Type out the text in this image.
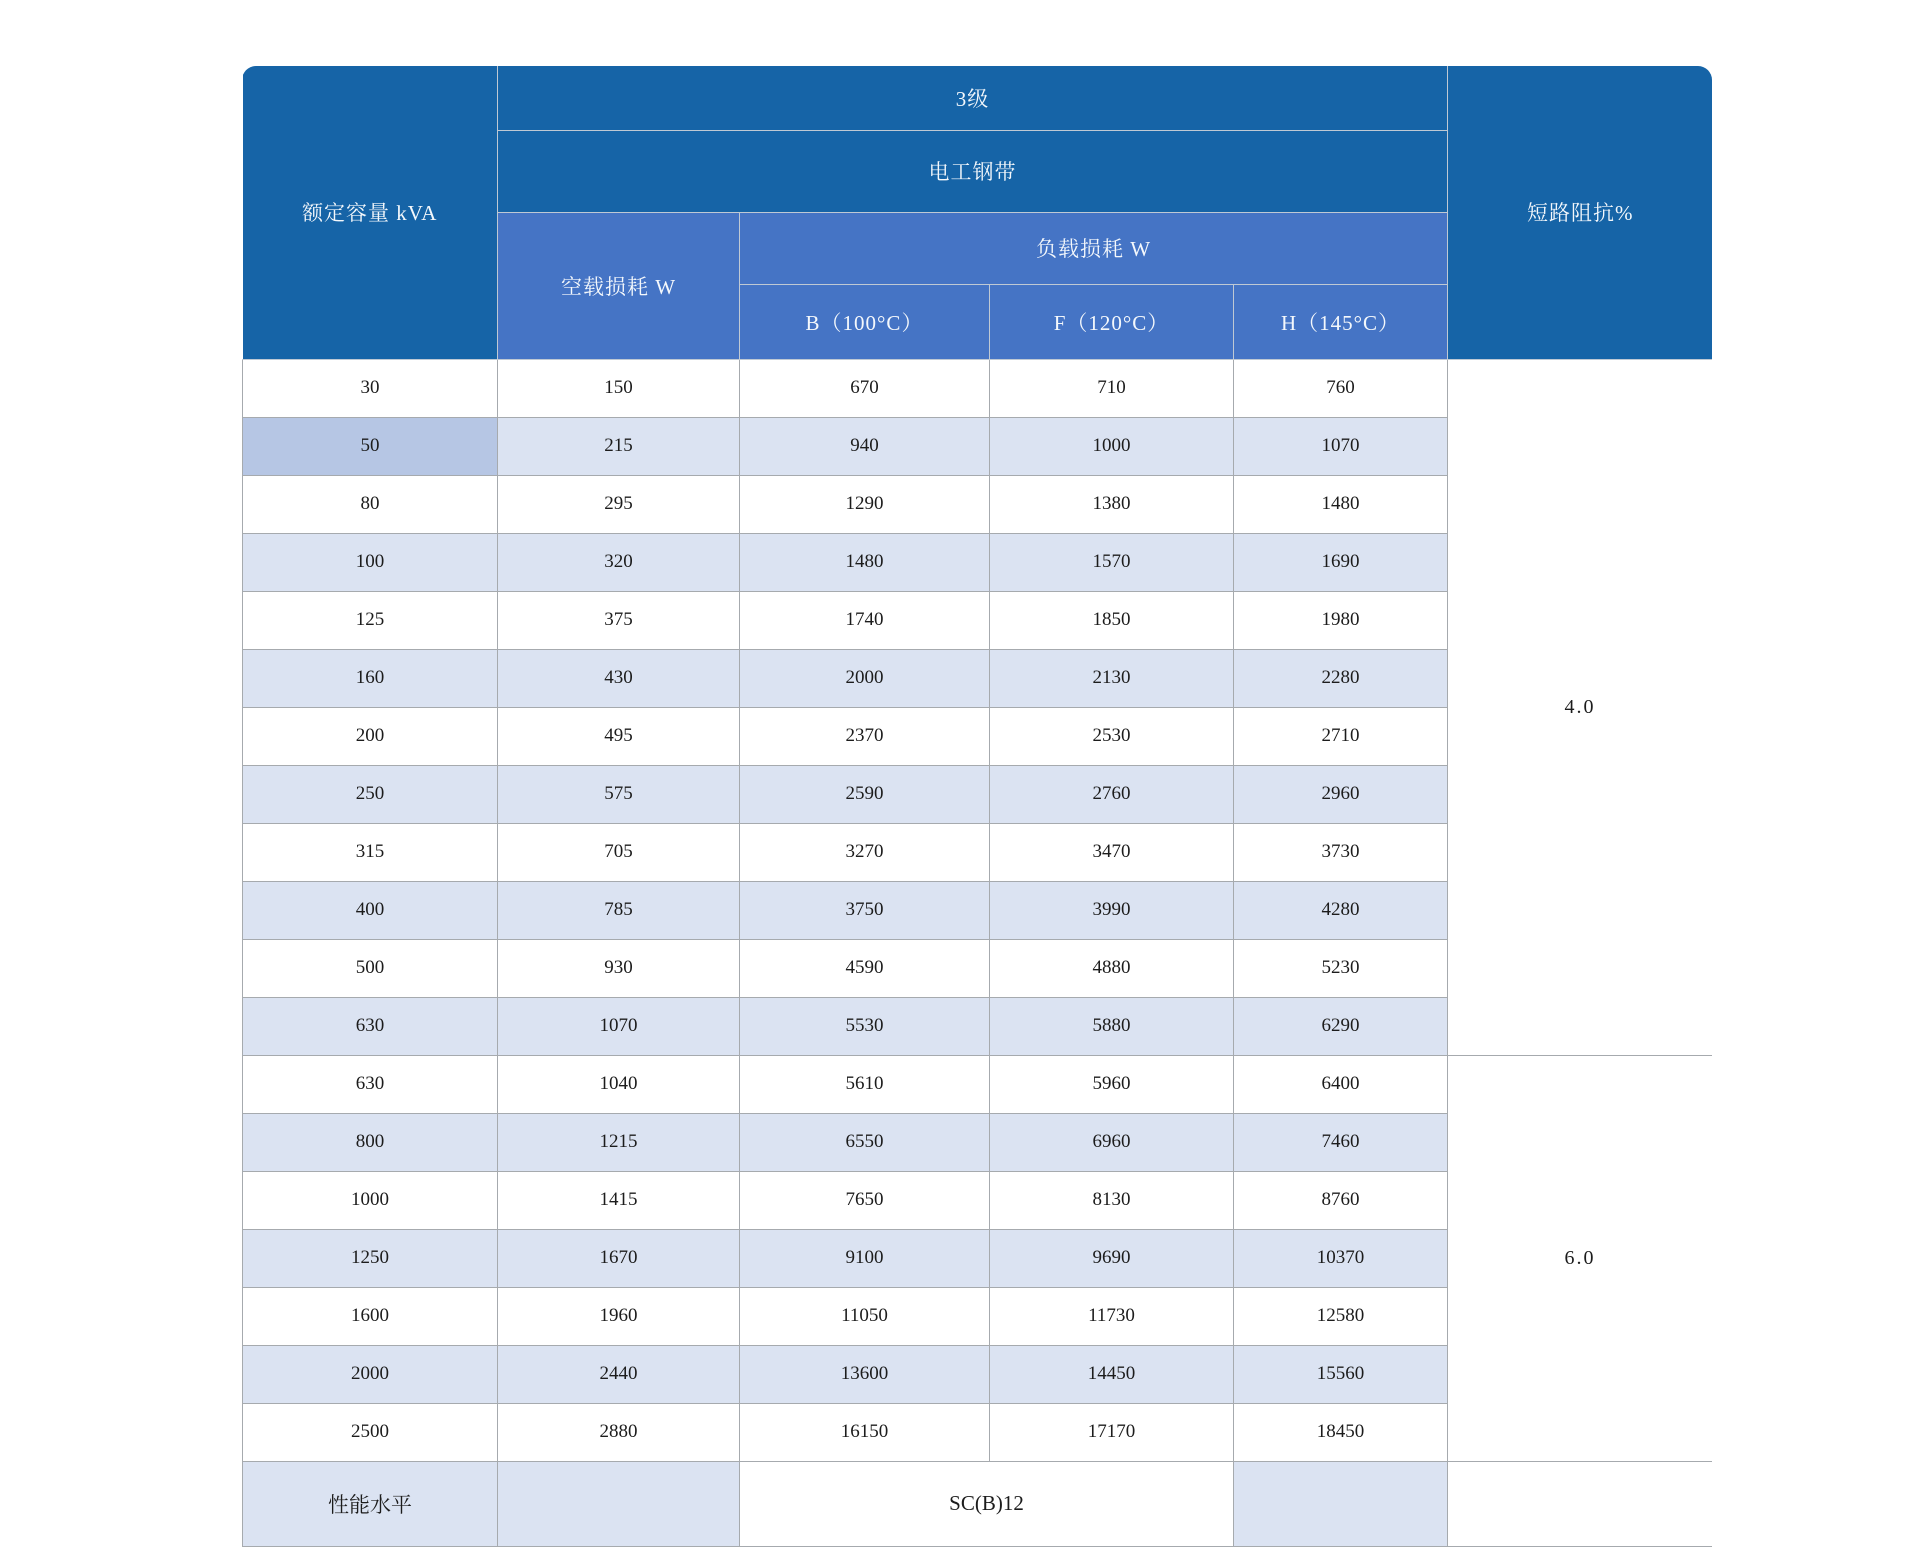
额定容量 kVA	3级				短路阻抗%
	电工钢带				
	空载损耗 W	负载损耗 W			
		B（100°C）	F（120°C）	H（145°C）	
30	150	670	710	760	4.0
50	215	940	1000	1070	
80	295	1290	1380	1480	
100	320	1480	1570	1690	
125	375	1740	1850	1980	
160	430	2000	2130	2280	
200	495	2370	2530	2710	
250	575	2590	2760	2960	
315	705	3270	3470	3730	
400	785	3750	3990	4280	
500	930	4590	4880	5230	
630	1070	5530	5880	6290	
630	1040	5610	5960	6400	6.0
800	1215	6550	6960	7460	
1000	1415	7650	8130	8760	
1250	1670	9100	9690	10370	
1600	1960	11050	11730	12580	
2000	2440	13600	14450	15560	
2500	2880	16150	17170	18450	
性能水平		SC(B)12			
